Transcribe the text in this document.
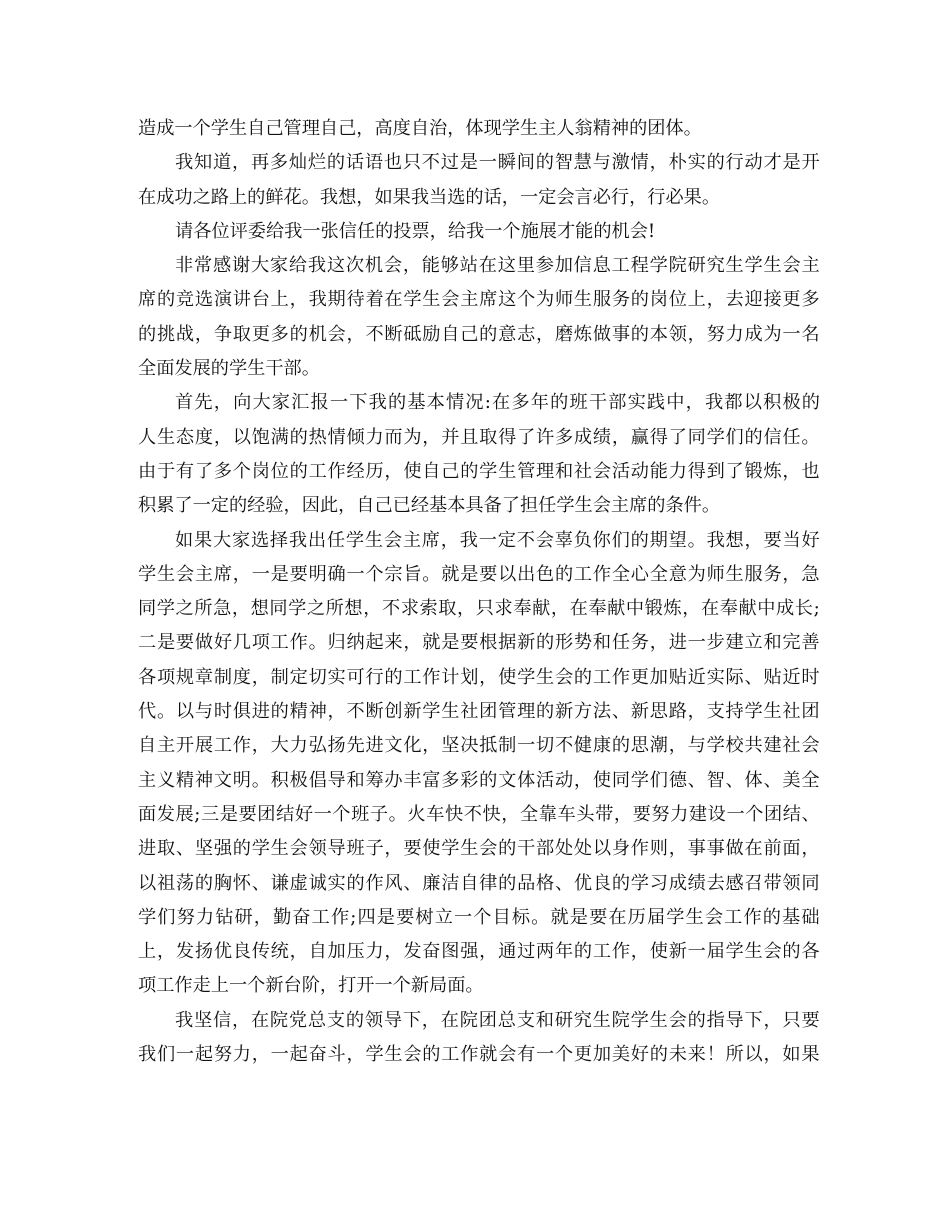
造成一个学生自己管理自己，高度自治，体现学生主人翁精神的团体。
我 知 道 ， 再 多 灿 烂 的 话 语 也 只 不 过 是 一 瞬 间 的 智 慧 与 激 情 ， 朴 实 的 行 动 才 是 开
在成功之路上的鲜花。我想，如果我当选的话，一定会言必行，行必果。
请各位评委给我一张信任的投票，给我一个施展才能的机会!
非 常 感 谢 大 家 给 我 这 次 机 会 ， 能 够 站 在 这 里 参 加 信 息 工 程 学 院 研 究 生 学 生 会 主
席 的 竞 选 演 讲 台 上 ， 我 期 待 着 在 学 生 会 主 席 这 个 为 师 生 服 务 的 岗 位 上 ， 去 迎 接 更 多
的 挑 战 ， 争 取 更 多 的 机 会 ， 不 断 砥 励 自 己 的 意 志 ， 磨 炼 做 事 的 本 领 ， 努 力 成 为 一 名
全面发展的学生干部。
首 先 ， 向 大 家 汇 报 一 下 我 的 基 本 情 况 : 在 多 年 的 班 干 部 实 践 中 ， 我 都 以 积 极 的
人 生 态 度 ， 以 饱 满 的 热 情 倾 力 而 为 ， 并 且 取 得 了 许 多 成 绩 ， 赢 得 了 同 学 们 的 信 任 。
由 于 有 了 多 个 岗 位 的 工 作 经 历 ， 使 自 己 的 学 生 管 理 和 社 会 活 动 能 力 得 到 了 锻 炼 ， 也
积累了一定的经验，因此，自己已经基本具备了担任学生会主席的条件。
如 果 大 家 选 择 我 出 任 学 生 会 主 席 ， 我 一 定 不 会 辜 负 你 们 的 期 望 。 我 想 ， 要 当 好
学 生 会 主 席 ， 一 是 要 明 确 一 个 宗 旨 。 就 是 要 以 出 色 的 工 作 全 心 全 意 为 师 生 服 务 ， 急
同 学 之 所 急 ， 想 同 学 之 所 想 ， 不 求 索 取 ， 只 求 奉 献 ， 在 奉 献 中 锻 炼 ， 在 奉 献 中 成 长 ;
二 是 要 做 好 几 项 工 作 。 归 纳 起 来 ， 就 是 要 根 据 新 的 形 势 和 任 务 ， 进 一 步 建 立 和 完 善
各 项 规 章 制 度 ， 制 定 切 实 可 行 的 工 作 计 划 ， 使 学 生 会 的 工 作 更 加 贴 近 实 际 、 贴 近 时
代 。 以 与 时 俱 进 的 精 神 ， 不 断 创 新 学 生 社 团 管 理 的 新 方 法 、 新 思 路 ， 支 持 学 生 社 团
自 主 开 展 工 作 ， 大 力 弘 扬 先 进 文 化 ， 坚 决 抵 制 一 切 不 健 康 的 思 潮 ， 与 学 校 共 建 社 会
主 义 精 神 文 明 。 积 极 倡 导 和 筹 办 丰 富 多 彩 的 文 体 活 动 ， 使 同 学 们 德 、 智 、 体 、 美 全
面 发 展 ; 三 是 要 团 结 好 一 个 班 子 。 火 车 快 不 快 ， 全 靠 车 头 带 ， 要 努 力 建 设 一 个 团 结 、
进 取 、 坚 强 的 学 生 会 领 导 班 子 ， 要 使 学 生 会 的 干 部 处 处 以 身 作 则 ， 事 事 做 在 前 面 ，
以 祖 荡 的 胸 怀 、 谦 虚 诚 实 的 作 风 、 廉 洁 自 律 的 品 格 、 优 良 的 学 习 成 绩 去 感 召 带 领 同
学 们 努 力 钻 研 ， 勤 奋 工 作 ; 四 是 要 树 立 一 个 目 标 。 就 是 要 在 历 届 学 生 会 工 作 的 基 础
上 ， 发 扬 优 良 传 统 ， 自 加 压 力 ， 发 奋 图 强 ， 通 过 两 年 的 工 作 ， 使 新 一 届 学 生 会 的 各
项工作走上一个新台阶，打开一个新局面。
我 坚 信 ， 在 院 党 总 支 的 领 导 下 ， 在 院 团 总 支 和 研 究 生 院 学 生 会 的 指 导 下 ， 只 要
我 们 一 起 努 力 ， 一 起 奋 斗 ， 学 生 会 的 工 作 就 会 有 一 个 更 加 美 好 的 未 来 ！ 所 以 ， 如 果
